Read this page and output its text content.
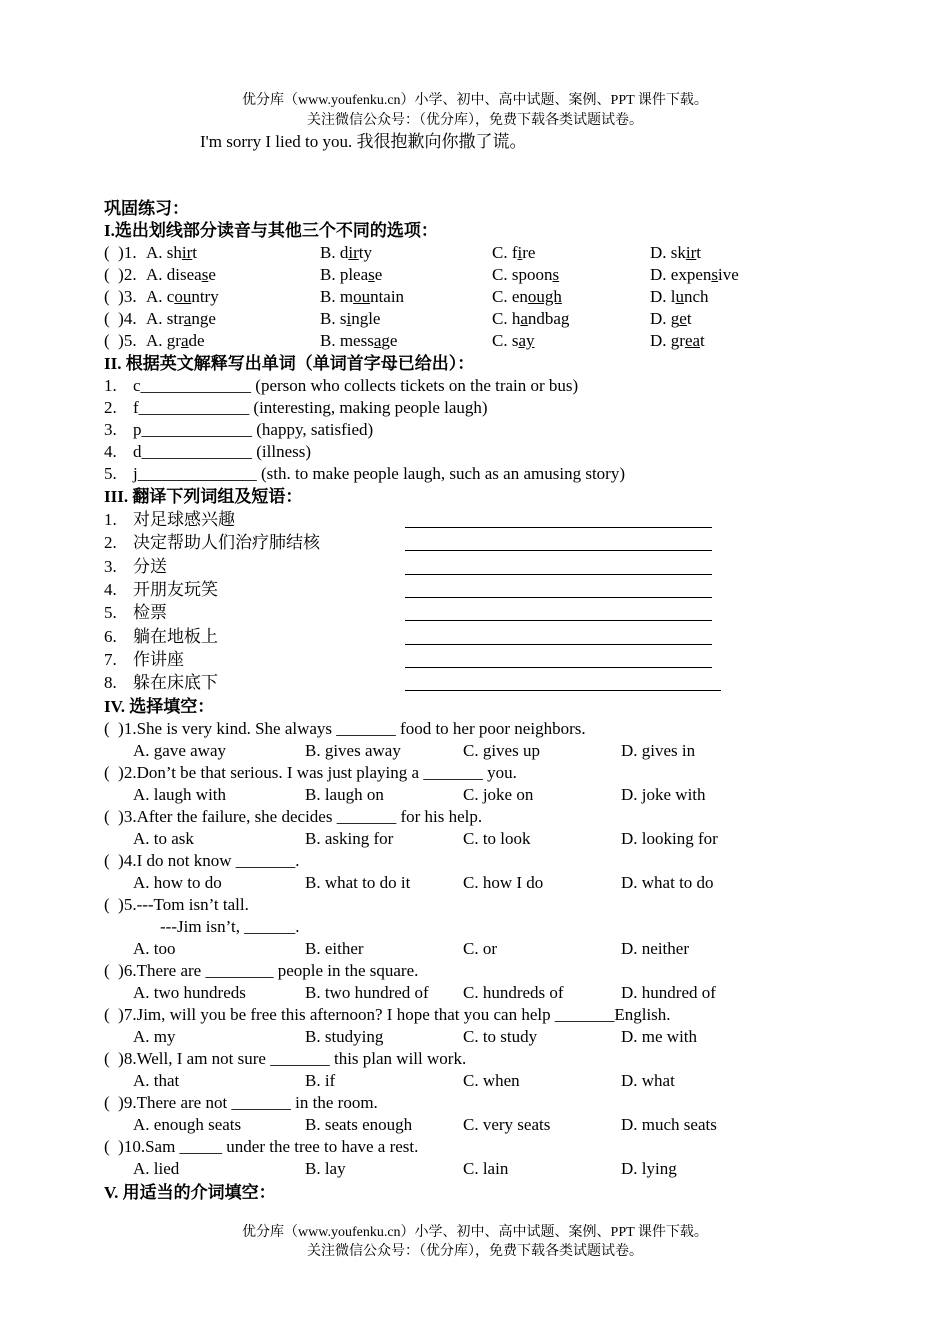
优分库（www.youfenku.cn）小学、初中、高中试题、案例、PPT 课件下载。
关注微信公众号：（优分库），免费下载各类试题试卷。
I'm sorry I lied to you. 我很抱歉向你撒了谎。
巩固练习：
I.选出划线部分读音与其他三个不同的选项：
(  )1. A. shirt	B. dirty	C. fire	D. skirt
(  )2. A. disease	B. please	C. spoons	D. expensive
(  )3. A. country	B. mountain	C. enough	D. lunch
(  )4. A. strange	B. single	C. handbag	D. get
(  )5. A. grade	B. message	C. say	D. great
II. 根据英文解释写出单词（单词首字母已给出）：
1. c_____________ (person who collects tickets on the train or bus)
2. f_____________ (interesting, making people laugh)
3. p_____________ (happy, satisfied)
4. d_____________ (illness)
5. j______________ (sth. to make people laugh, such as an amusing story)
III. 翻译下列词组及短语：
1. 对足球感兴趣
2. 决定帮助人们治疗肺结核
3. 分送
4. 开朋友玩笑
5. 检票
6. 躺在地板上
7. 作讲座
8. 躲在床底下
IV. 选择填空：
(  )1.She is very kind. She always _______ food to her poor neighbors.
A. gave away	B. gives away	C. gives up	D. gives in
(  )2.Don’t be that serious. I was just playing a _______ you.
A. laugh with	B. laugh on	C. joke on	D. joke with
(  )3.After the failure, she decides _______ for his help.
A. to ask	B. asking for	C. to look	D. looking for
(  )4.I do not know _______.
A. how to do	B. what to do it	C. how I do	D. what to do
(  )5.---Tom isn’t tall.
---Jim isn’t, ______.
A. too	B. either	C. or	D. neither
(  )6.There are ________ people in the square.
A. two hundreds	B. two hundred of C. hundreds of	D. hundred of
(  )7.Jim, will you be free this afternoon? I hope that you can help _______English.
A. my	B. studying	C. to study	D. me with
(  )8.Well, I am not sure _______ this plan will work.
A. that	B. if	C. when	D. what
(  )9.There are not _______ in the room.
A. enough seats	B. seats enough	C. very seats	D. much seats
(  )10.Sam _____ under the tree to have a rest.
A. lied	B. lay	C. lain	D. lying
V. 用适当的介词填空：
优分库（www.youfenku.cn）小学、初中、高中试题、案例、PPT 课件下载。
关注微信公众号：（优分库），免费下载各类试题试卷。
